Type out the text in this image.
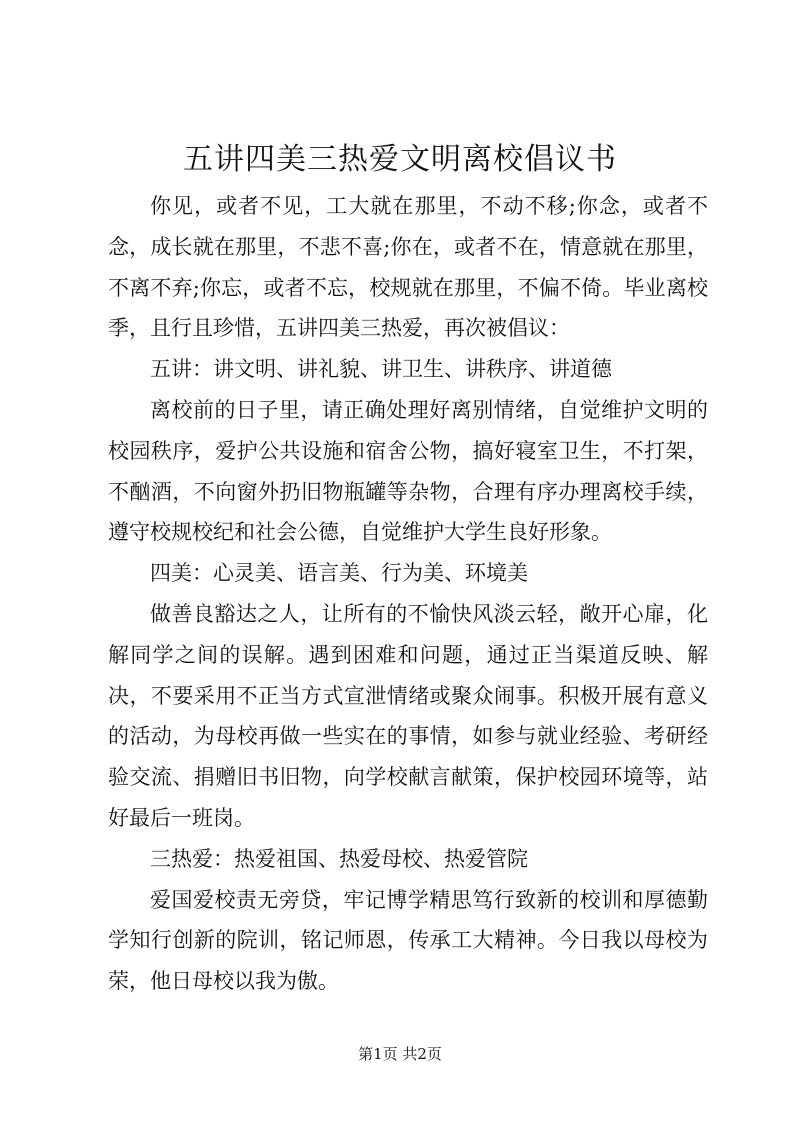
五讲四美三热爱文明离校倡议书

你见，或者不见，工大就在那里，不动不移;你念，或者不念，成长就在那里，不悲不喜;你在，或者不在，情意就在那里，不离不弃;你忘，或者不忘，校规就在那里，不偏不倚。毕业离校季，且行且珍惜，五讲四美三热爱，再次被倡议：

五讲：讲文明、讲礼貌、讲卫生、讲秩序、讲道德

离校前的日子里，请正确处理好离别情绪，自觉维护文明的校园秩序，爱护公共设施和宿舍公物，搞好寝室卫生，不打架，不酗酒，不向窗外扔旧物瓶罐等杂物，合理有序办理离校手续，遵守校规校纪和社会公德，自觉维护大学生良好形象。

四美：心灵美、语言美、行为美、环境美

做善良豁达之人，让所有的不愉快风淡云轻，敞开心扉，化解同学之间的误解。遇到困难和问题，通过正当渠道反映、解决，不要采用不正当方式宣泄情绪或聚众闹事。积极开展有意义的活动，为母校再做一些实在的事情，如参与就业经验、考研经验交流、捐赠旧书旧物，向学校献言献策，保护校园环境等，站好最后一班岗。

三热爱：热爱祖国、热爱母校、热爱管院

爱国爱校责无旁贷，牢记博学精思笃行致新的校训和厚德勤学知行创新的院训，铭记师恩，传承工大精神。今日我以母校为荣，他日母校以我为傲。

第1页 共2页
